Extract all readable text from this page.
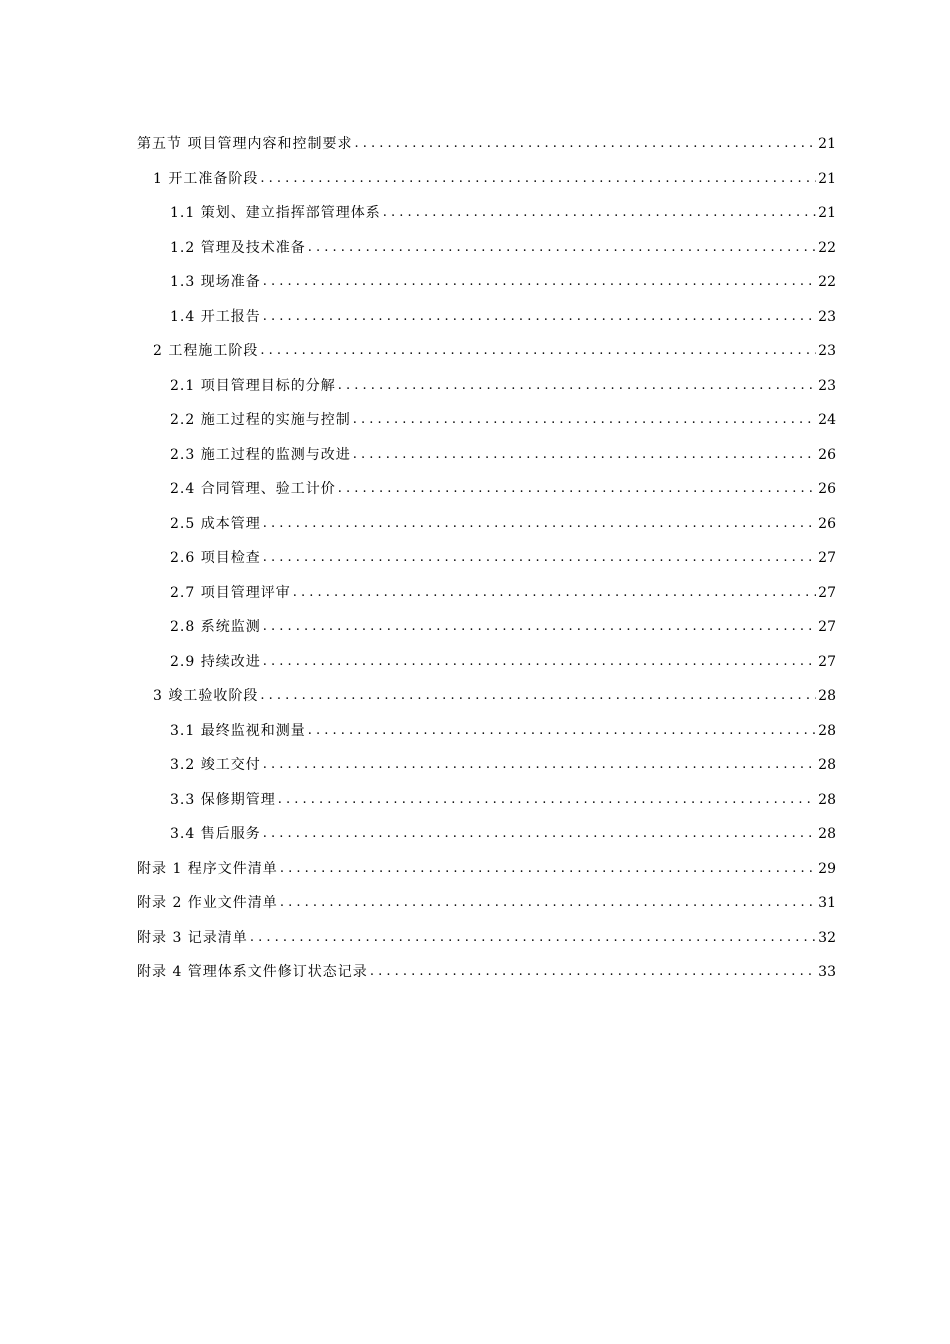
第五节 项目管理内容和控制要求 . . .	21
1 开工准备阶段 . . .	21
1.1 策划、建立指挥部管理体系 . . .	21
1.2 管理及技术准备 . . .	22
1.3 现场准备 . . .	22
1.4 开工报告 . . .	23
2 工程施工阶段 . . .	23
2.1 项目管理目标的分解 . . .	23
2.2 施工过程的实施与控制 . . .	24
2.3 施工过程的监测与改进 . . .	26
2.4 合同管理、验工计价 . . .	26
2.5 成本管理 . . .	26
2.6 项目检查 . . .	27
2.7 项目管理评审 . . .	27
2.8 系统监测 . . .	27
2.9 持续改进 . . .	27
3 竣工验收阶段 . . .	28
3.1 最终监视和测量 . . .	28
3.2 竣工交付 . . .	28
3.3 保修期管理 . . .	28
3.4 售后服务 . . .	28
附录 1 程序文件清单 . . .	29
附录 2 作业文件清单 . . .	31
附录 3 记录清单 . . .	32
附录 4 管理体系文件修订状态记录 . . .	33
